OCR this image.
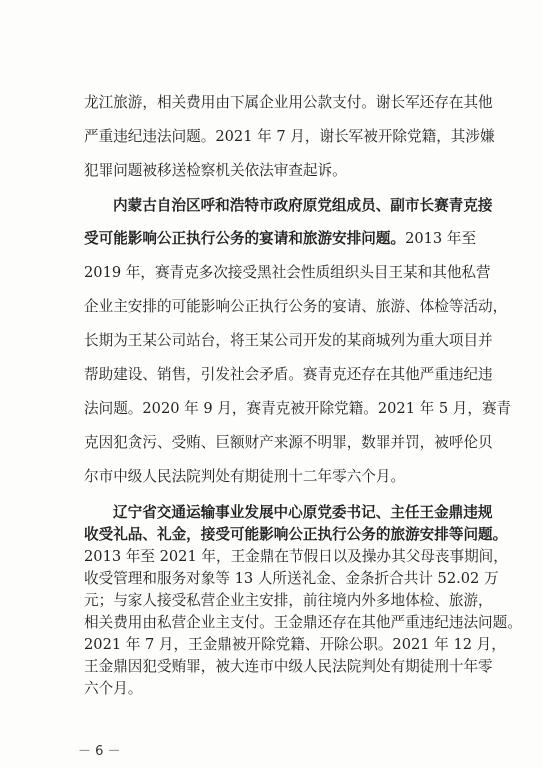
龙江旅游，相关费用由下属企业用公款支付。谢长军还存在其他
严重违纪违法问题。2021 年 7 月，谢长军被开除党籍，其涉嫌
犯罪问题被移送检察机关依法审查起诉。
内蒙古自治区呼和浩特市政府原党组成员、副市长赛青克接
受可能影响公正执行公务的宴请和旅游安排问题。2013 年至
2019 年，赛青克多次接受黑社会性质组织头目王某和其他私营
企业主安排的可能影响公正执行公务的宴请、旅游、体检等活动，
长期为王某公司站台，将王某公司开发的某商城列为重大项目并
帮助建设、销售，引发社会矛盾。赛青克还存在其他严重违纪违
法问题。2020 年 9 月，赛青克被开除党籍。2021 年 5 月，赛青
克因犯贪污、受贿、巨额财产来源不明罪，数罪并罚，被呼伦贝
尔市中级人民法院判处有期徒刑十二年零六个月。
辽宁省交通运输事业发展中心原党委书记、主任王金鼎违规
收受礼品、礼金，接受可能影响公正执行公务的旅游安排等问题。
2013 年至 2021 年，王金鼎在节假日以及操办其父母丧事期间，
收受管理和服务对象等 13 人所送礼金、金条折合共计 52.02 万
元；与家人接受私营企业主安排，前往境内外多地体检、旅游，
相关费用由私营企业主支付。王金鼎还存在其他严重违纪违法问题。
2021 年 7 月，王金鼎被开除党籍、开除公职。2021 年 12 月，
王金鼎因犯受贿罪，被大连市中级人民法院判处有期徒刑十年零
六个月。
－ 6 －
